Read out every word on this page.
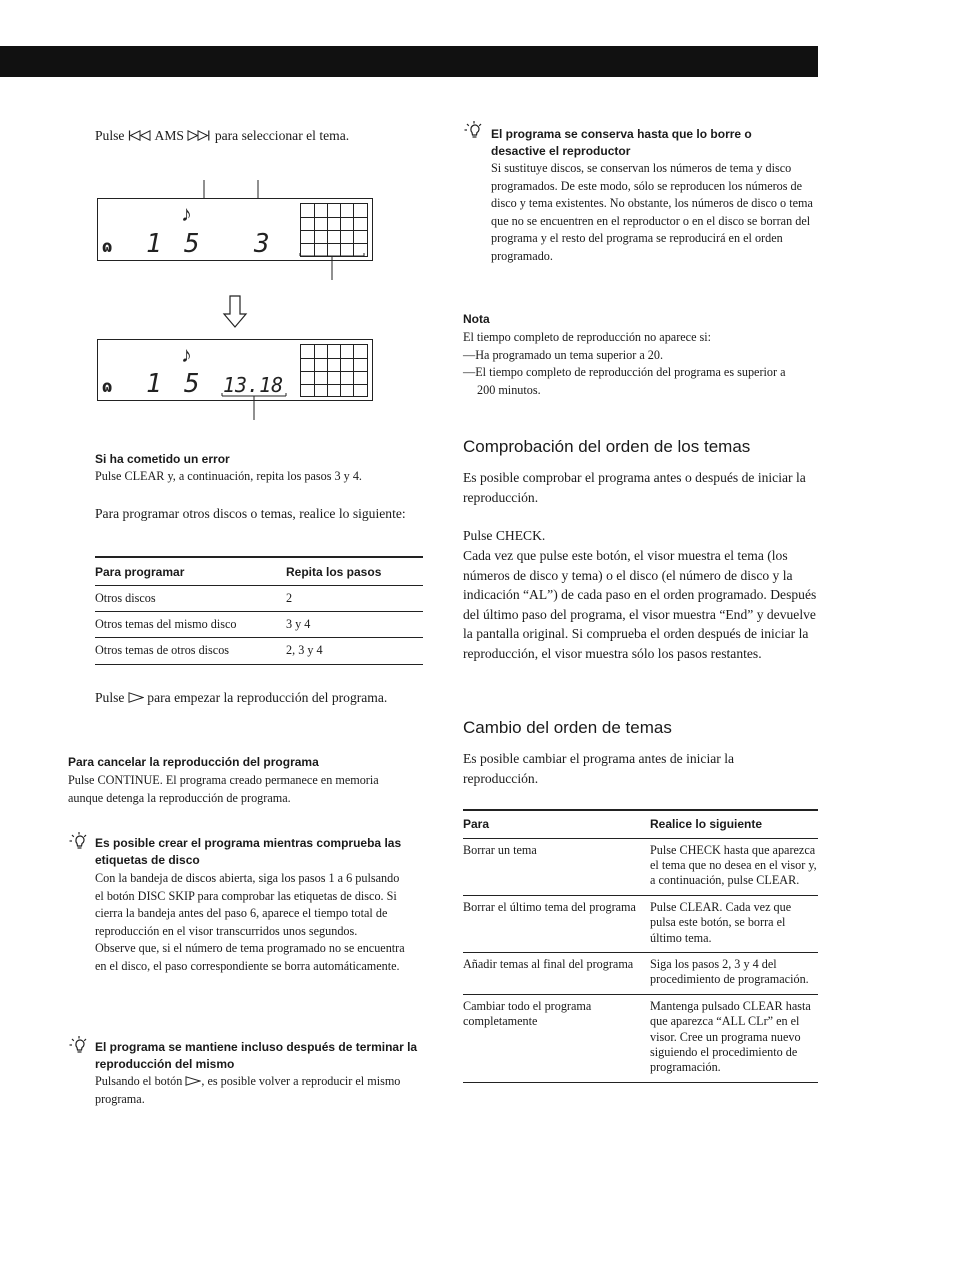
Pulse AMS para seleccionar el tema.
ɷ
♪
1 5 3
ɷ
♪
1 5 13.18
Si ha cometido un error
Pulse CLEAR y, a continuación, repita los pasos 3 y 4.
Para programar otros discos o temas, realice lo siguiente:
Para programar	Repita los pasos
Otros discos	2
Otros temas del mismo disco	3 y 4
Otros temas de otros discos	2, 3 y 4
Pulse para empezar la reproducción del programa.
Para cancelar la reproducción del programa
Pulse CONTINUE. El programa creado permanece en memoria aunque detenga la reproducción de programa.
Es posible crear el programa mientras comprueba las etiquetas de disco
Con la bandeja de discos abierta, siga los pasos 1 a 6 pulsando el botón DISC SKIP para comprobar las etiquetas de disco. Si cierra la bandeja antes del paso 6, aparece el tiempo total de reproducción en el visor transcurridos unos segundos.
Observe que, si el número de tema programado no se encuentra en el disco, el paso correspondiente se borra automáticamente.
El programa se mantiene incluso después de terminar la reproducción del mismo
Pulsando el botón , es posible volver a reproducir el mismo programa.
El programa se conserva hasta que lo borre o desactive el reproductor
Si sustituye discos, se conservan los números de tema y disco programados. De este modo, sólo se reproducen los números de disco y tema existentes. No obstante, los números de disco o tema que no se encuentren en el reproductor o en el disco se borran del programa y el resto del programa se reproducirá en el orden programado.
Nota
El tiempo completo de reproducción no aparece si:
—Ha programado un tema superior a 20.
—El tiempo completo de reproducción del programa es superior a 200 minutos.
Comprobación del orden de los temas
Es posible comprobar el programa antes o después de iniciar la reproducción.
Pulse CHECK.
Cada vez que pulse este botón, el visor muestra el tema (los números de disco y tema) o el disco (el número de disco y la indicación “AL”) de cada paso en el orden programado. Después del último paso del programa, el visor muestra “End” y devuelve la pantalla original. Si comprueba el orden después de iniciar la reproducción, el visor muestra sólo los pasos restantes.
Cambio del orden de temas
Es posible cambiar el programa antes de iniciar la reproducción.
Para	Realice lo siguiente
Borrar un tema	Pulse CHECK hasta que aparezca el tema que no desea en el visor y, a continuación, pulse CLEAR.
Borrar el último tema del programa	Pulse CLEAR. Cada vez que pulsa este botón, se borra el último tema.
Añadir temas al final del programa	Siga los pasos 2, 3 y 4 del procedimiento de programación.
Cambiar todo el programa completamente	Mantenga pulsado CLEAR hasta que aparezca “ALL CLr” en el visor. Cree un programa nuevo siguiendo el procedimiento de programación.
